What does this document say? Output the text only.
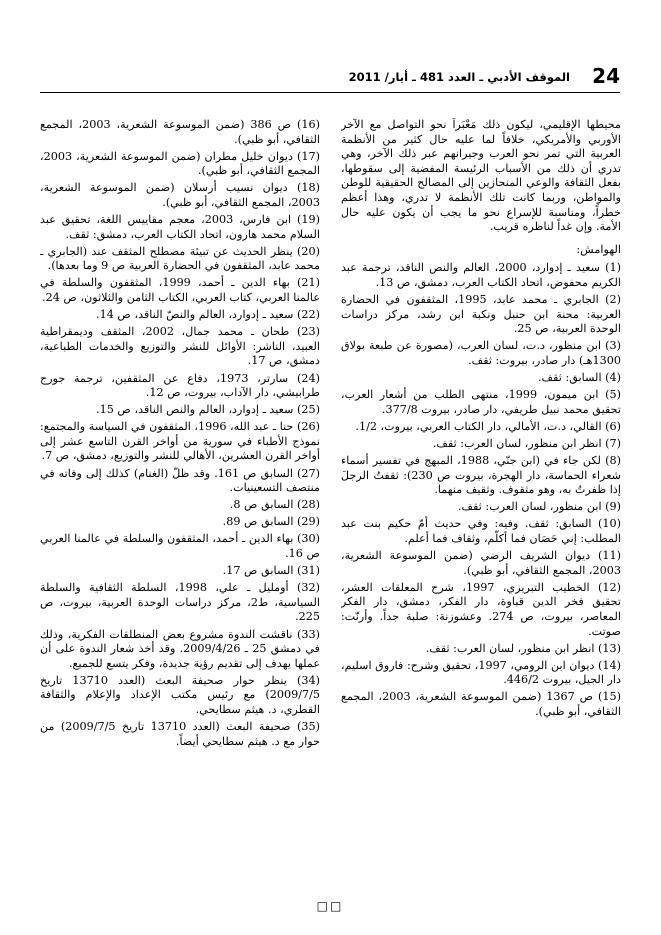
24
الموقف الأدبي ـ العدد 481 ـ أيار/ 2011

محيطها الإقليمي، ليكون ذلك مَعْبَراً نحو التواصل مع الآخر الأوربي والأمريكي، خلافاً لما عليه حال كثير من الأنظمة العربية التي تمر نحو العرب وجيرانهم عبر ذلك الآخر، وهي تدري أن ذلك من الأسباب الرئيسة المفضية إلى سقوطها، بفعل الثقافة والوعي المنحازين إلى المصالح الحقيقية للوطن والمواطن، وربما كانت تلك الأنظمة لا تدري، وهذا أعظم خطراً، ومناسبة للإسراع نحو ما يجب أن يكون عليه حال الأمة. وإن غداً لناظره قريب.

الهوامش:

(1) سعيد ـ إدوارد، 2000، العالم والنص الناقد، ترجمة عبد الكريم محفوض، اتحاد الكتاب العرب، دمشق، ص 13.
(2) الجابري ـ محمد عابد، 1995، المثقفون في الحضارة العربية: محنة ابن حنبل ونكبة ابن رشد، مركز دراسات الوحدة العربية، ص 25.
(3) ابن منظور، د.ت، لسان العرب، (مصورة عن طبعة بولاق 1300هـ) دار صادر، بيروت: ثقف.
(4) السابق: ثقف.
(5) ابن ميمون، 1999، منتهى الطلب من أشعار العرب، تحقيق محمد نبيل طريفي، دار صادر، بيروت 377/8.
(6) القالي، د.ت، الأمالي، دار الكتاب العربي، بيروت، 1/2.
(7) انظر ابن منظور، لسان العرب: ثقف.
(8) لكن جاء في (ابن جنّي، 1988، المبهج في تفسير أسماء شعراء الحماسة، دار الهجرة، بيروت ص 230): ثقفتُ الرجلَ إذا ظفرتُ به، وهو مثقوف. وثقيف منهما.
(9) ابن منظور، لسان العرب: ثقف.
(10) السابق: ثقف. وفيه: وفي حديث أمّ حكيم بنت عبد المطلب: إني حَصَان فما أكلّم، وثقاف فما أعلم.
(11) ديوان الشريف الرضي (ضمن الموسوعة الشعرية، 2003، المجمع الثقافي، أبو ظبي).
(12) الخطيب التبريزي، 1997، شرح المعلقات العشر، تحقيق فخر الدين قباوة، دار الفكر، دمشق، دار الفكر المعاصر، بيروت، ص 274. وعشوزنة: صلبة جداً. وأرنّت: صوتت.
(13) انظر ابن منظور، لسان العرب: ثقف.
(14) ديوان ابن الرومي، 1997، تحقيق وشرح: فاروق اسليم، دار الجيل، بيروت 446/2.
(15) ص 1367 (ضمن الموسوعة الشعرية، 2003، المجمع الثقافي، أبو ظبي).
(16) ص 386 (ضمن الموسوعة الشعرية، 2003، المجمع الثقافي، أبو ظبي).
(17) ديوان خليل مطران (ضمن الموسوعة الشعرية، 2003، المجمع الثقافي، أبو ظبي).
(18) ديوان نسيب أرسلان (ضمن الموسوعة الشعرية، 2003، المجمع الثقافي، أبو ظبي).
(19) ابن فارس، 2003، معجم مقاييس اللغة، تحقيق عبد السلام محمد هارون، اتحاد الكتاب العرب، دمشق: ثقف.
(20) ينظر الحديث عن تبيئة مصطلح المثقف عند (الجابري ـ محمد عابد، المثقفون في الحضارة العربية ص 9 وما بعدها).
(21) بهاء الدين ـ أحمد، 1999، المثقفون والسلطة في عالمنا العربي، كتاب العربي، الكتاب الثامن والثلاثون، ص 24.
(22) سعيد ـ إدوارد، العالم والنصّ الناقد، ص 14.
(23) طحان ـ محمد جمال، 2002، المثقف وديمقراطية العبيد، الناشر: الأوائل للنشر والتوزيع والخدمات الطباعية، دمشق، ص 17.
(24) سارتر، 1973، دفاع عن المثقفين، ترجمة جورج طرابيشي، دار الآداب، بيروت، ص 12.
(25) سعيد ـ إدوارد، العالم والنص الناقد، ص 15.
(26) حنا ـ عبد الله، 1996، المثقفون في السياسة والمجتمع: نموذج الأطباء في سورية من أواخر القرن التاسع عشر إلى أواخر القرن العشرين، الأهالي للنشر والتوزيع، دمشق، ص 7.
(27) السابق ص 161. وقد ظلّ (الغنام) كذلك إلى وفاته في منتصف التسعينيات.
(28) السابق ص 8.
(29) السابق ص 89.
(30) بهاء الدين ـ أحمد، المثقفون والسلطة في عالمنا العربي ص 16.
(31) السابق ص 17.
(32) أومليل ـ علي، 1998، السلطة الثقافية والسلطة السياسية، ط2، مركز دراسات الوحدة العربية، بيروت، ص 225.
(33) ناقشت الندوة مشروع بعض المنطلقات الفكرية، وذلك في دمشق 25 ـ 2009/4/26. وقد أخذ شعار الندوة على أن عملها يهدف إلى تقديم رؤية جديدة، وفكر يتسع للجميع.
(34) ينظر حوار صحيفة البعث (العدد 13710 تاريخ 2009/7/5) مع رئيس مكتب الإعداد والإعلام والثقافة القطري، د. هيثم سطايحي.
(35) صحيفة البعث (العدد 13710 تاريخ 2009/7/5) من حوار مع د. هيثم سطايحي أيضاً.
□□
